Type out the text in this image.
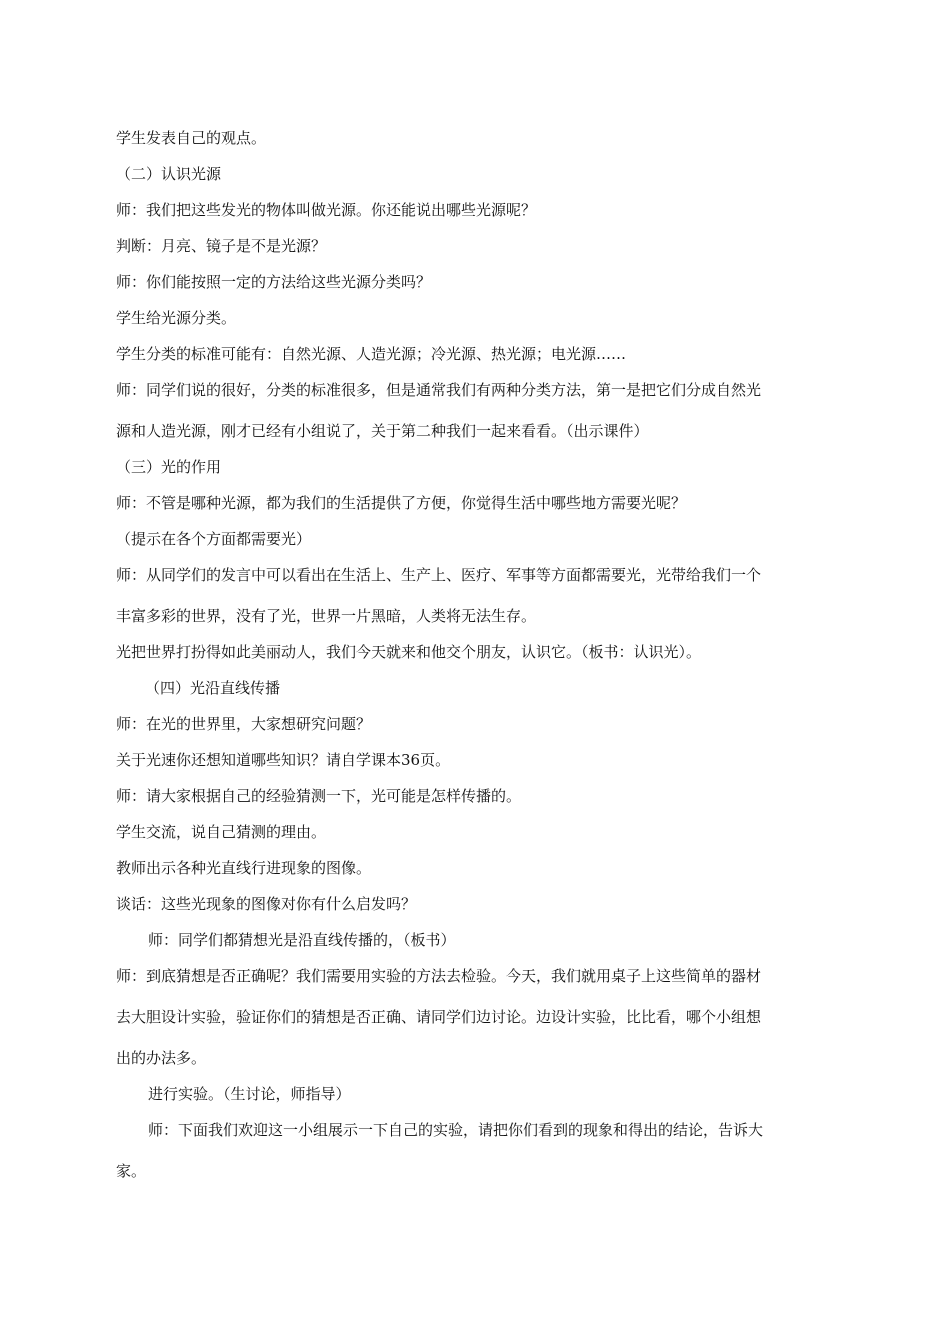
学生发表自己的观点。
（二）认识光源
师：我们把这些发光的物体叫做光源。你还能说出哪些光源呢？
判断：月亮、镜子是不是光源？
师：你们能按照一定的方法给这些光源分类吗？
学生给光源分类。
学生分类的标准可能有：自然光源、人造光源；冷光源、热光源；电光源……
师：同学们说的很好，分类的标准很多，但是通常我们有两种分类方法，第一是把它们分成自然光
源和人造光源，刚才已经有小组说了，关于第二种我们一起来看看。（出示课件）
（三）光的作用
师：不管是哪种光源，都为我们的生活提供了方便，你觉得生活中哪些地方需要光呢？
（提示在各个方面都需要光）
师：从同学们的发言中可以看出在生活上、生产上、医疗、军事等方面都需要光，光带给我们一个
丰富多彩的世界，没有了光，世界一片黑暗，人类将无法生存。
光把世界打扮得如此美丽动人，我们今天就来和他交个朋友，认识它。（板书：认识光）。
（四）光沿直线传播
师：在光的世界里，大家想研究问题？
关于光速你还想知道哪些知识？请自学课本36页。
师：请大家根据自己的经验猜测一下，光可能是怎样传播的。
学生交流，说自己猜测的理由。
教师出示各种光直线行进现象的图像。
谈话：这些光现象的图像对你有什么启发吗？
师：同学们都猜想光是沿直线传播的，（板书）
师：到底猜想是否正确呢？我们需要用实验的方法去检验。今天，我们就用桌子上这些简单的器材
去大胆设计实验，验证你们的猜想是否正确、请同学们边讨论。边设计实验，比比看，哪个小组想
出的办法多。
进行实验。（生讨论，师指导）
师：下面我们欢迎这一小组展示一下自己的实验，请把你们看到的现象和得出的结论，告诉大
家。
